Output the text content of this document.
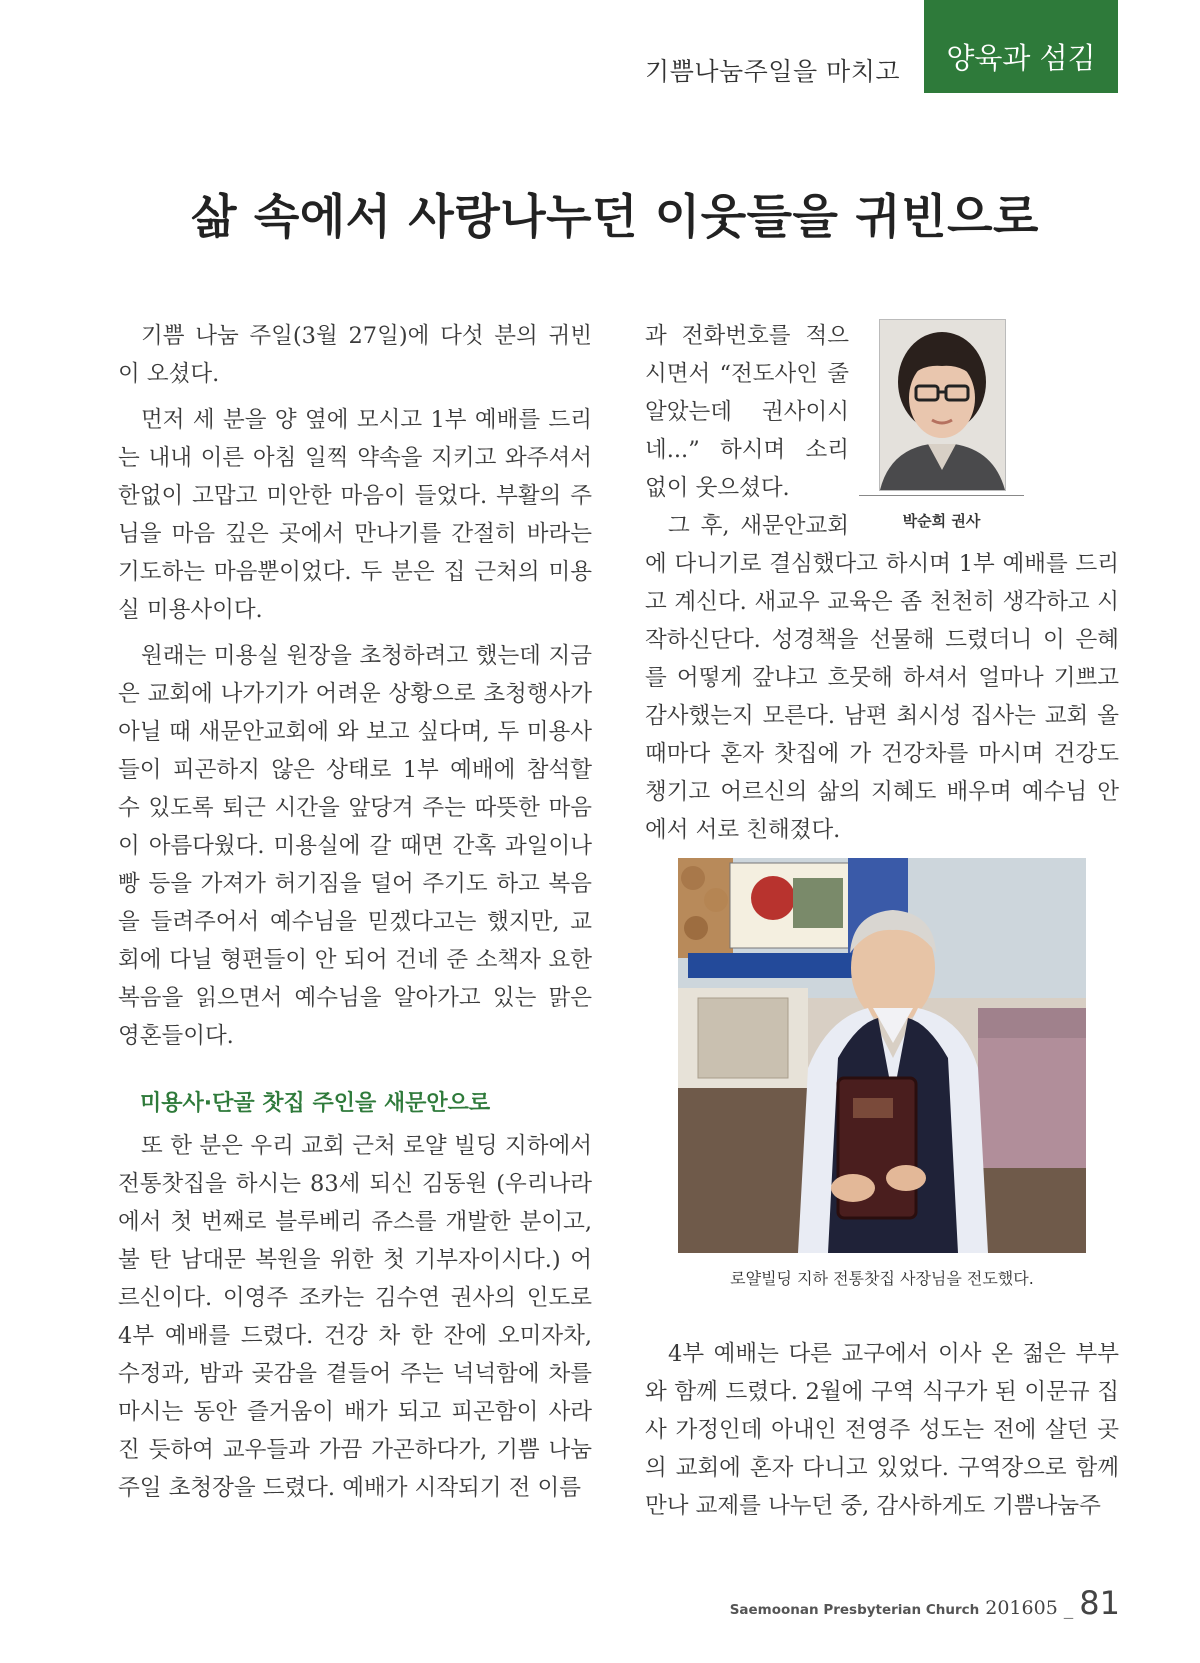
기쁨나눔주일을 마치고 양육과 섬김
삶 속에서 사랑나누던 이웃들을 귀빈으로

기쁨 나눔 주일(3월 27일)에 다섯 분의 귀빈이 오셨다.

먼저 세 분을 양 옆에 모시고 1부 예배를 드리는 내내 이른 아침 일찍 약속을 지키고 와주셔서 한없이 고맙고 미안한 마음이 들었다. 부활의 주님을 마음 깊은 곳에서 만나기를 간절히 바라는 기도하는 마음뿐이었다. 두 분은 집 근처의 미용실 미용사이다.

원래는 미용실 원장을 초청하려고 했는데 지금은 교회에 나가기가 어려운 상황으로 초청행사가 아닐 때 새문안교회에 와 보고 싶다며, 두 미용사들이 피곤하지 않은 상태로 1부 예배에 참석할 수 있도록 퇴근 시간을 앞당겨 주는 따뜻한 마음이 아름다웠다. 미용실에 갈 때면 간혹 과일이나 빵 등을 가져가 허기짐을 덜어 주기도 하고 복음을 들려주어서 예수님을 믿겠다고는 했지만, 교회에 다닐 형편들이 안 되어 건네 준 소책자 요한복음을 읽으면서 예수님을 알아가고 있는 맑은 영혼들이다.

미용사·단골 찻집 주인을 새문안으로

또 한 분은 우리 교회 근처 로얄 빌딩 지하에서 전통찻집을 하시는 83세 되신 김동원 (우리나라에서 첫 번째로 블루베리 쥬스를 개발한 분이고, 불 탄 남대문 복원을 위한 첫 기부자이시다.) 어르신이다. 이영주 조카는 김수연 권사의 인도로 4부 예배를 드렸다. 건강 차 한 잔에 오미자차, 수정과, 밤과 곶감을 곁들어 주는 넉넉함에 차를 마시는 동안 즐거움이 배가 되고 피곤함이 사라진 듯하여 교우들과 가끔 가곤하다가, 기쁨 나눔 주일 초청장을 드렸다. 예배가 시작되기 전 이름

박순희 권사

과 전화번호를 적으시면서 “전도사인 줄 알았는데 권사이시네...” 하시며 소리 없이 웃으셨다.

그 후, 새문안교회에 다니기로 결심했다고 하시며 1부 예배를 드리고 계신다. 새교우 교육은 좀 천천히 생각하고 시작하신단다. 성경책을 선물해 드렸더니 이 은혜를 어떻게 갚냐고 흐뭇해 하셔서 얼마나 기쁘고 감사했는지 모른다. 남편 최시성 집사는 교회 올 때마다 혼자 찻집에 가 건강차를 마시며 건강도 챙기고 어르신의 삶의 지혜도 배우며 예수님 안에서 서로 친해졌다.

로얄빌딩 지하 전통찻집 사장님을 전도했다.

4부 예배는 다른 교구에서 이사 온 젊은 부부와 함께 드렸다. 2월에 구역 식구가 된 이문규 집사 가정인데 아내인 전영주 성도는 전에 살던 곳의 교회에 혼자 다니고 있었다. 구역장으로 함께 만나 교제를 나누던 중, 감사하게도 기쁨나눔주

Saemoonan Presbyterian Church 201605 _ 81
